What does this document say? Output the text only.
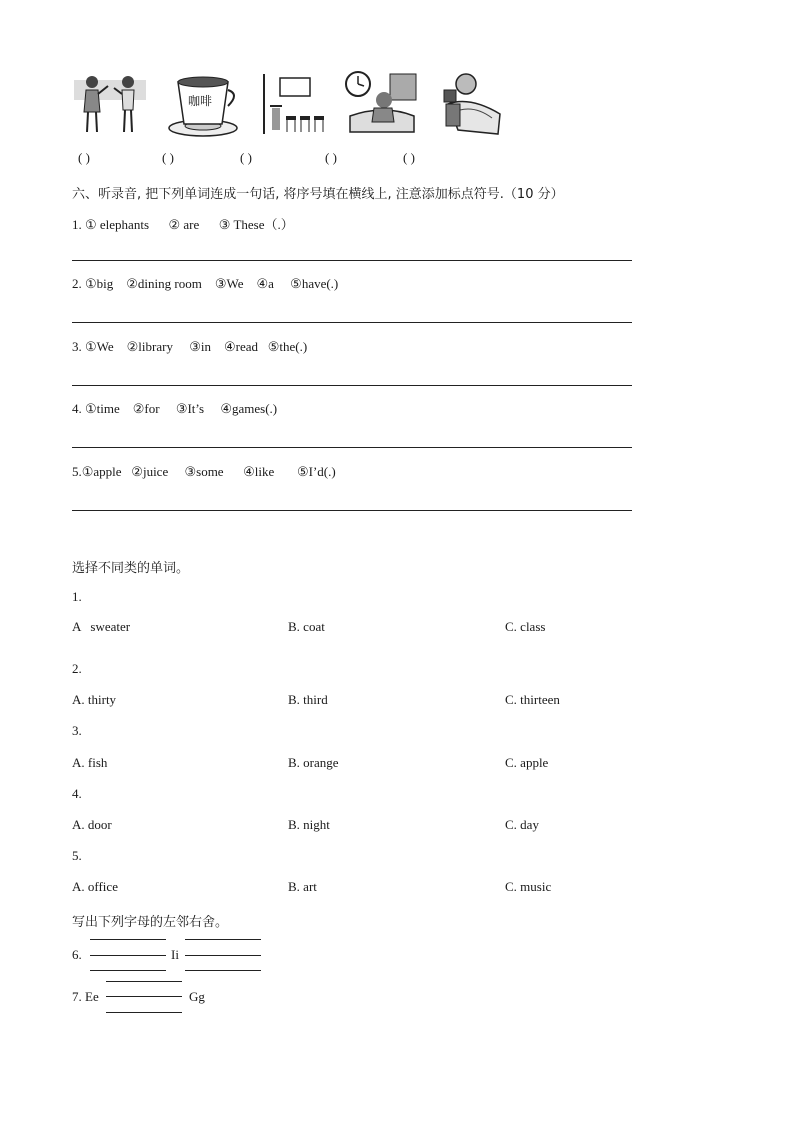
咖啡
( )	( )	( )	( )	( )
六、听录音, 把下列单词连成一句话, 将序号填在横线上, 注意添加标点符号.（10 分）
1. ① elephants      ② are      ③ These（.）
2. ①big    ②dining room    ③We    ④a     ⑤have(.)
3. ①We    ②library     ③in    ④read   ⑤the(.)
4. ①time    ②for     ③It’s     ④games(.)
5.①apple   ②juice     ③some      ④like       ⑤I’d(.)
选择不同类的单词。
1.
A   sweater	B. coat	C. class
2.
A. thirty	B. third	C. thirteen
3.
A. fish	B. orange	C. apple
4.
A. door	B. night	C. day
5.
A. office	B. art	C. music
写出下列字母的左邻右舍。
6.	Ii
7. Ee	Gg
